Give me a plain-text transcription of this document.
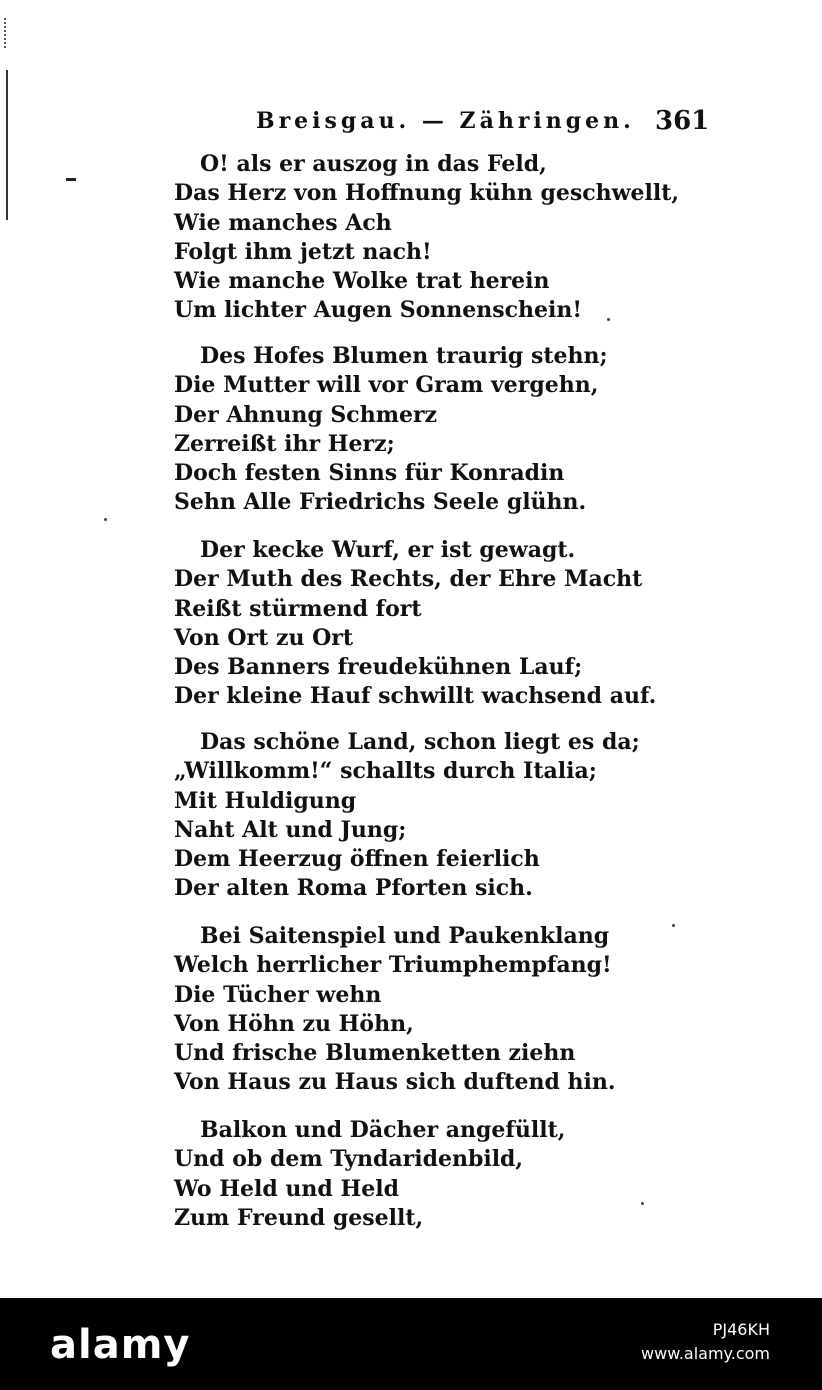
Breisgau. — Zähringen. 361
O! als er auszog in das Feld,
Das Herz von Hoffnung kühn geschwellt,
Wie manches Ach
Folgt ihm jetzt nach!
Wie manche Wolke trat herein
Um lichter Augen Sonnenschein!
Des Hofes Blumen traurig stehn;
Die Mutter will vor Gram vergehn,
Der Ahnung Schmerz
Zerreißt ihr Herz;
Doch festen Sinns für Konradin
Sehn Alle Friedrichs Seele glühn.
Der kecke Wurf, er ist gewagt.
Der Muth des Rechts, der Ehre Macht
Reißt stürmend fort
Von Ort zu Ort
Des Banners freudekühnen Lauf;
Der kleine Hauf schwillt wachsend auf.
Das schöne Land, schon liegt es da;
„Willkomm!“ schallts durch Italia;
Mit Huldigung
Naht Alt und Jung;
Dem Heerzug öffnen feierlich
Der alten Roma Pforten sich.
Bei Saitenspiel und Paukenklang
Welch herrlicher Triumphempfang!
Die Tücher wehn
Von Höhn zu Höhn,
Und frische Blumenketten ziehn
Von Haus zu Haus sich duftend hin.
Balkon und Dächer angefüllt,
Und ob dem Tyndaridenbild,
Wo Held und Held
Zum Freund gesellt,
alamy	PJ46KH
www.alamy.com
